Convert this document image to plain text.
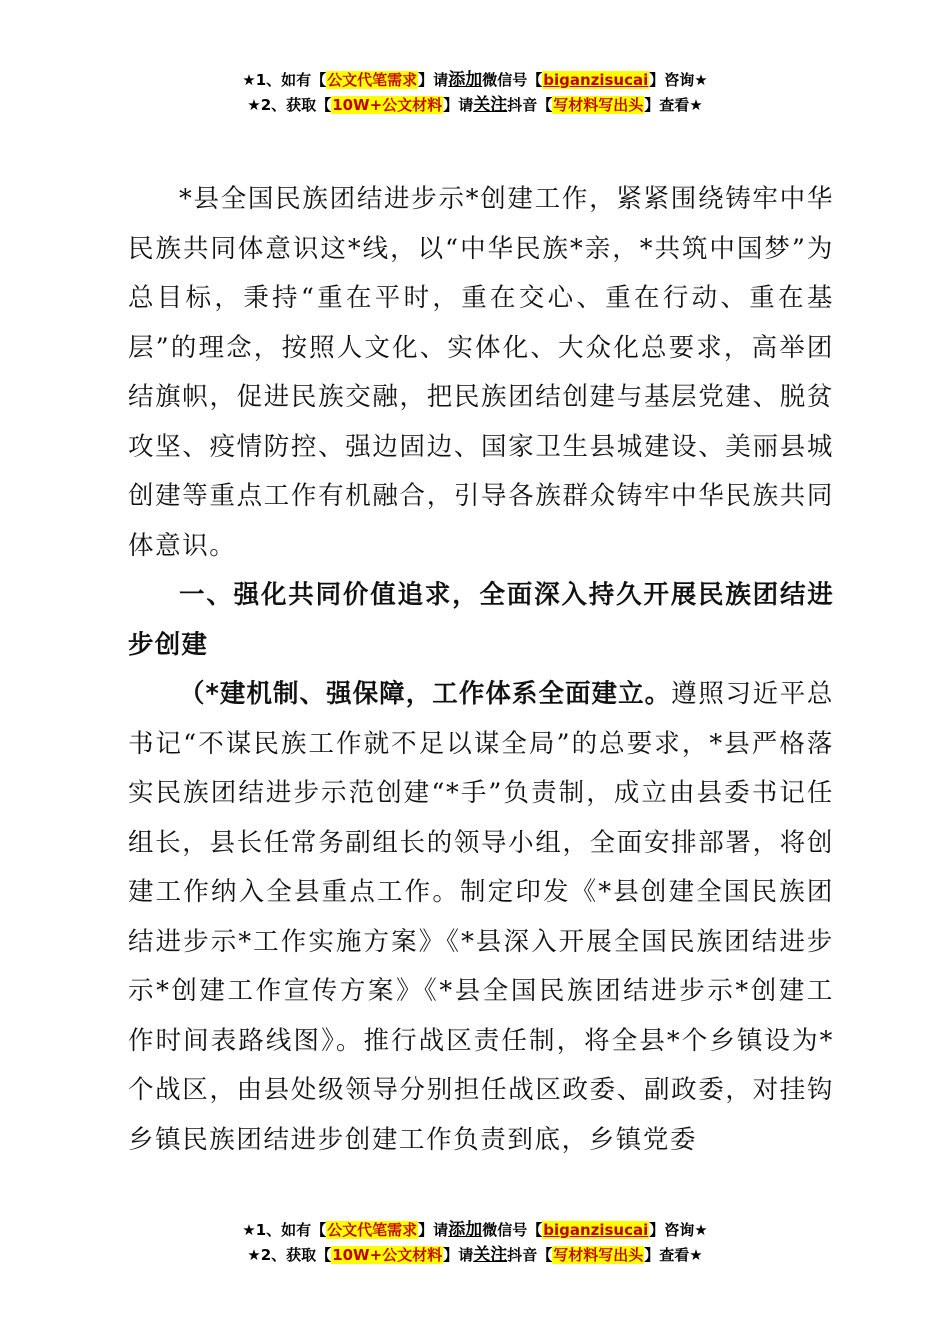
★1、如有【公文代笔需求】请添加微信号【biganzisucai】咨询★
★2、获取【10W+公文材料】请关注抖音【写材料写出头】查看★

*县全国民族团结进步示*创建工作，紧紧围绕铸牢中华民族共同体意识这*线，以“中华民族*亲，*共筑中国梦”为总目标，秉持“重在平时，重在交心、重在行动、重在基层”的理念，按照人文化、实体化、大众化总要求，高举团结旗帜，促进民族交融，把民族团结创建与基层党建、脱贫攻坚、疫情防控、强边固边、国家卫生县城建设、美丽县城创建等重点工作有机融合，引导各族群众铸牢中华民族共同体意识。

一、强化共同价值追求，全面深入持久开展民族团结进步创建

（*建机制、强保障，工作体系全面建立。遵照习近平总书记“不谋民族工作就不足以谋全局”的总要求，*县严格落实民族团结进步示范创建“*手”负责制，成立由县委书记任组长，县长任常务副组长的领导小组，全面安排部署，将创建工作纳入全县重点工作。制定印发《*县创建全国民族团结进步示*工作实施方案》《*县深入开展全国民族团结进步示*创建工作宣传方案》《*县全国民族团结进步示*创建工作时间表路线图》。推行战区责任制，将全县*个乡镇设为*个战区，由县处级领导分别担任战区政委、副政委，对挂钩乡镇民族团结进步创建工作负责到底，乡镇党委

★1、如有【公文代笔需求】请添加微信号【biganzisucai】咨询★
★2、获取【10W+公文材料】请关注抖音【写材料写出头】查看★
